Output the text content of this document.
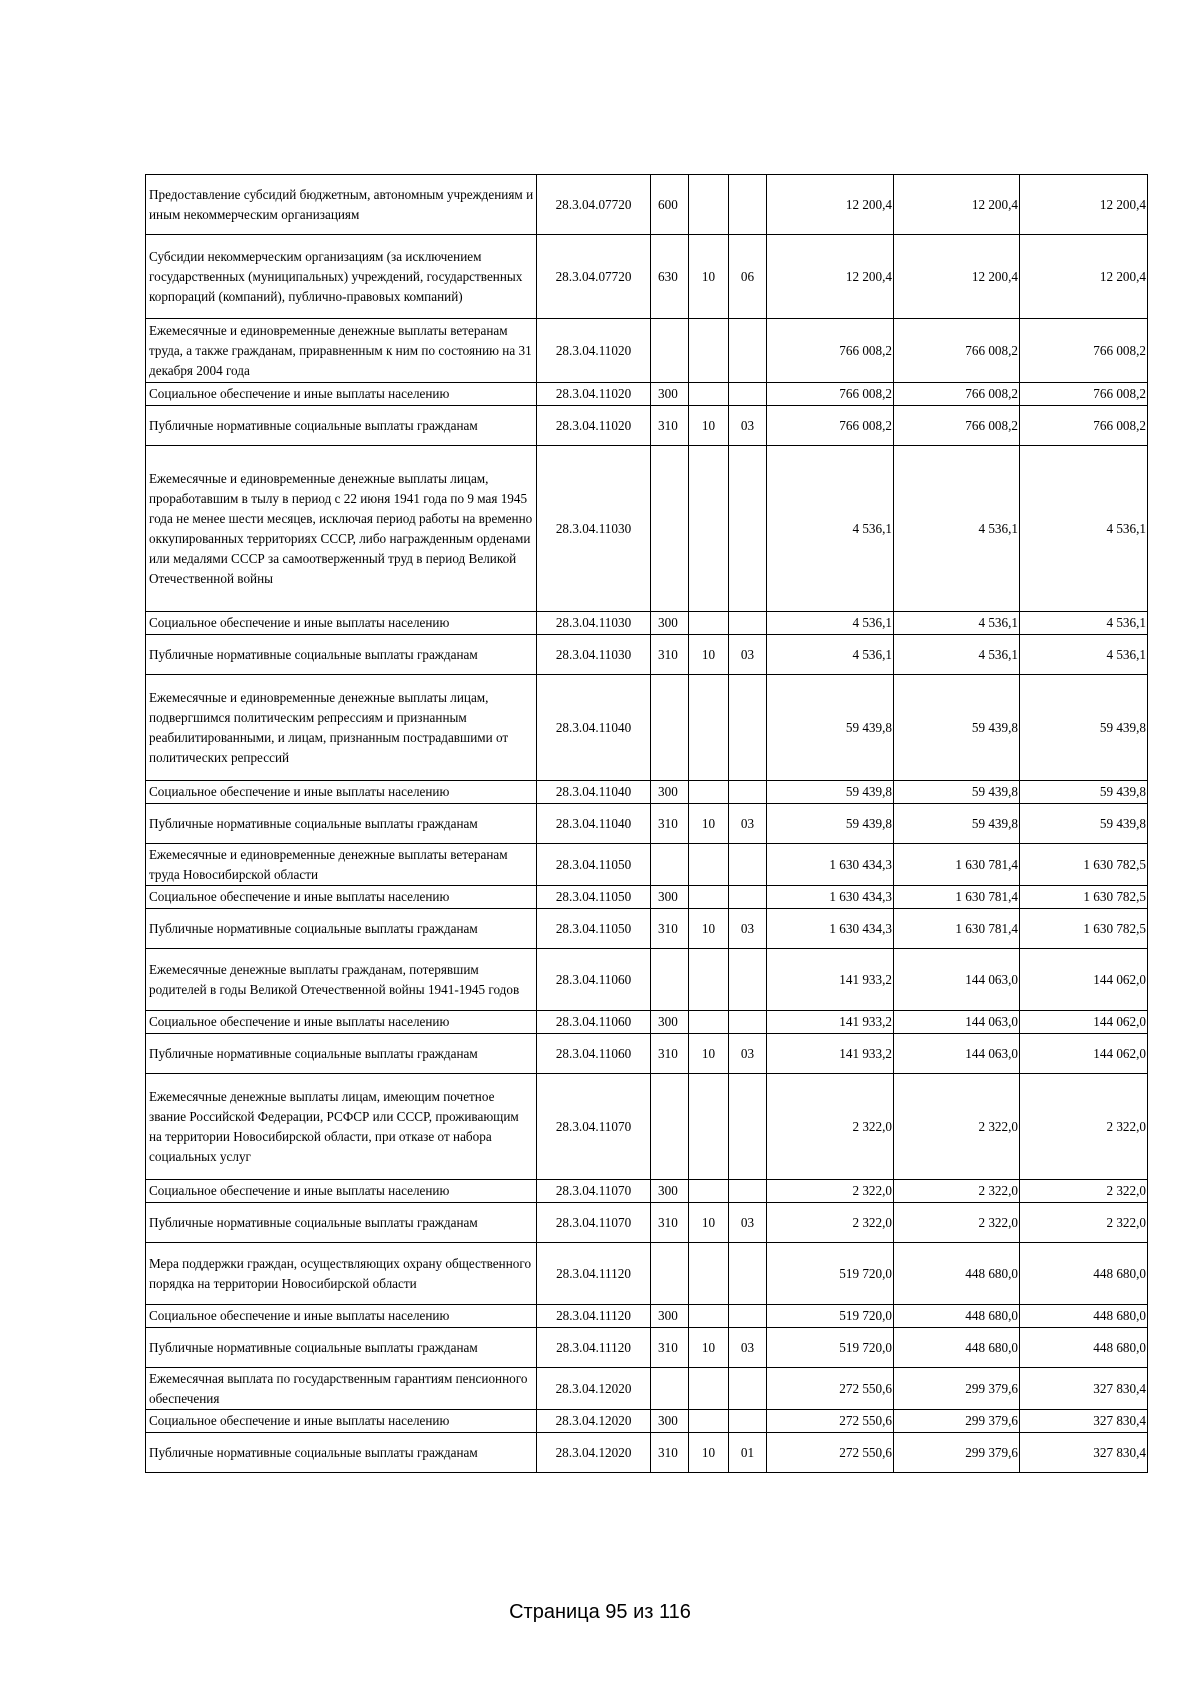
Предоставление субсидий бюджетным, автономным учреждениям и иным некоммерческим организациям	28.3.04.07720	600			12 200,4	12 200,4	12 200,4
Субсидии некоммерческим организациям (за исключением государственных (муниципальных) учреждений, государственных корпораций (компаний), публично-правовых компаний)	28.3.04.07720	630	10	06	12 200,4	12 200,4	12 200,4
Ежемесячные и единовременные денежные выплаты ветеранам труда, а также гражданам, приравненным к ним по состоянию на 31 декабря 2004 года	28.3.04.11020				766 008,2	766 008,2	766 008,2
Социальное обеспечение и иные выплаты населению	28.3.04.11020	300			766 008,2	766 008,2	766 008,2
Публичные нормативные социальные выплаты гражданам	28.3.04.11020	310	10	03	766 008,2	766 008,2	766 008,2
Ежемесячные и единовременные денежные выплаты лицам, проработавшим в тылу в период с 22 июня 1941 года по 9 мая 1945 года не менее шести месяцев, исключая период работы на временно оккупированных территориях СССР, либо награжденным орденами или медалями СССР за самоотверженный труд в период Великой Отечественной войны	28.3.04.11030				4 536,1	4 536,1	4 536,1
Социальное обеспечение и иные выплаты населению	28.3.04.11030	300			4 536,1	4 536,1	4 536,1
Публичные нормативные социальные выплаты гражданам	28.3.04.11030	310	10	03	4 536,1	4 536,1	4 536,1
Ежемесячные и единовременные денежные выплаты лицам, подвергшимся политическим репрессиям и признанным реабилитированными, и лицам, признанным пострадавшими от политических репрессий	28.3.04.11040				59 439,8	59 439,8	59 439,8
Социальное обеспечение и иные выплаты населению	28.3.04.11040	300			59 439,8	59 439,8	59 439,8
Публичные нормативные социальные выплаты гражданам	28.3.04.11040	310	10	03	59 439,8	59 439,8	59 439,8
Ежемесячные и единовременные денежные выплаты ветеранам труда Новосибирской области	28.3.04.11050				1 630 434,3	1 630 781,4	1 630 782,5
Социальное обеспечение и иные выплаты населению	28.3.04.11050	300			1 630 434,3	1 630 781,4	1 630 782,5
Публичные нормативные социальные выплаты гражданам	28.3.04.11050	310	10	03	1 630 434,3	1 630 781,4	1 630 782,5
Ежемесячные денежные выплаты гражданам, потерявшим родителей в годы Великой Отечественной войны 1941-1945 годов	28.3.04.11060				141 933,2	144 063,0	144 062,0
Социальное обеспечение и иные выплаты населению	28.3.04.11060	300			141 933,2	144 063,0	144 062,0
Публичные нормативные социальные выплаты гражданам	28.3.04.11060	310	10	03	141 933,2	144 063,0	144 062,0
Ежемесячные денежные выплаты лицам, имеющим почетное звание Российской Федерации, РСФСР или СССР, проживающим на территории Новосибирской области, при отказе от набора социальных услуг	28.3.04.11070				2 322,0	2 322,0	2 322,0
Социальное обеспечение и иные выплаты населению	28.3.04.11070	300			2 322,0	2 322,0	2 322,0
Публичные нормативные социальные выплаты гражданам	28.3.04.11070	310	10	03	2 322,0	2 322,0	2 322,0
Мера поддержки граждан, осуществляющих охрану общественного порядка на территории Новосибирской области	28.3.04.11120				519 720,0	448 680,0	448 680,0
Социальное обеспечение и иные выплаты населению	28.3.04.11120	300			519 720,0	448 680,0	448 680,0
Публичные нормативные социальные выплаты гражданам	28.3.04.11120	310	10	03	519 720,0	448 680,0	448 680,0
Ежемесячная выплата по государственным гарантиям пенсионного обеспечения	28.3.04.12020				272 550,6	299 379,6	327 830,4
Социальное обеспечение и иные выплаты населению	28.3.04.12020	300			272 550,6	299 379,6	327 830,4
Публичные нормативные социальные выплаты гражданам	28.3.04.12020	310	10	01	272 550,6	299 379,6	327 830,4
Страница 95 из 116
